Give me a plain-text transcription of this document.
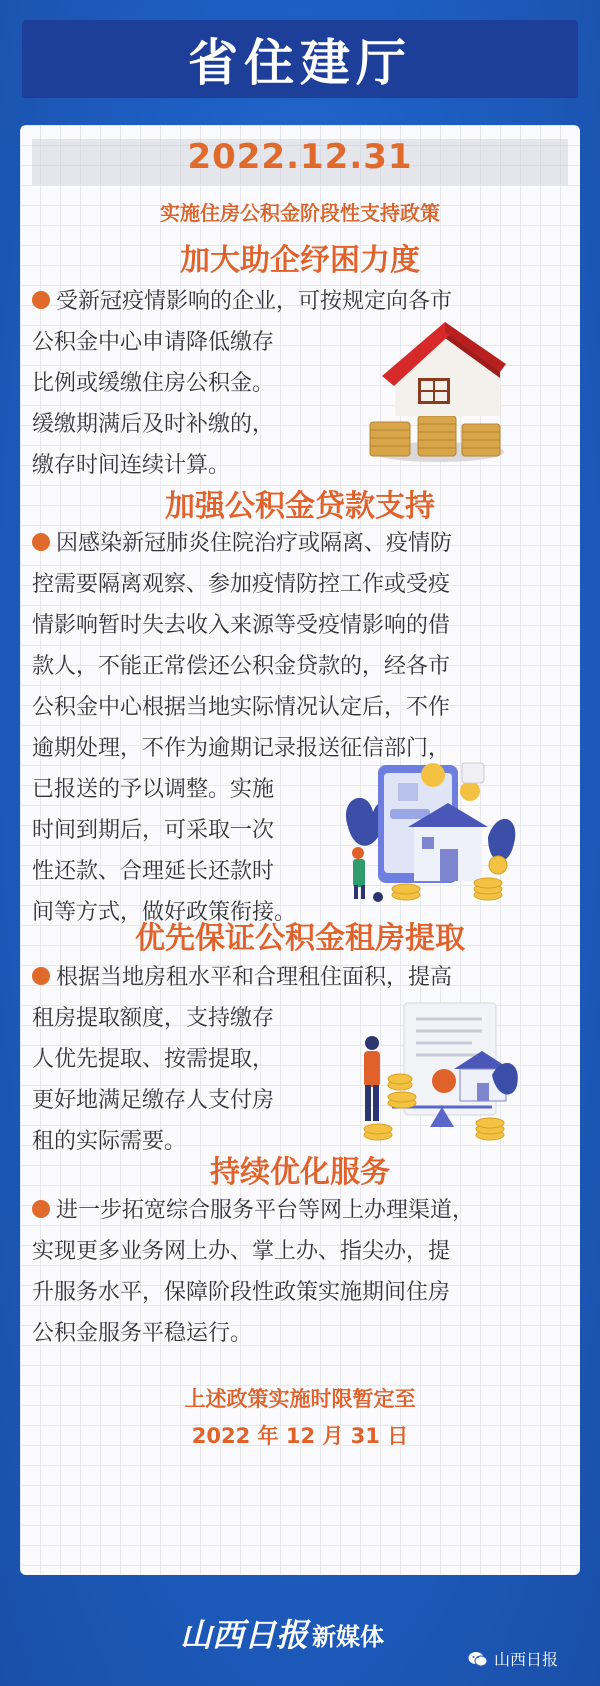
省住建厅
2022.12.31
实施住房公积金阶段性支持政策
加大助企纾困力度
受新冠疫情影响的企业，可按规定向各市
公积金中心申请降低缴存
比例或缓缴住房公积金。
缓缴期满后及时补缴的，
缴存时间连续计算。
加强公积金贷款支持
因感染新冠肺炎住院治疗或隔离、疫情防
控需要隔离观察、参加疫情防控工作或受疫
情影响暂时失去收入来源等受疫情影响的借
款人，不能正常偿还公积金贷款的，经各市
公积金中心根据当地实际情况认定后，不作
逾期处理，不作为逾期记录报送征信部门，
已报送的予以调整。实施
时间到期后，可采取一次
性还款、合理延长还款时
间等方式，做好政策衔接。
优先保证公积金租房提取
根据当地房租水平和合理租住面积，提高
租房提取额度，支持缴存
人优先提取、按需提取，
更好地满足缴存人支付房
租的实际需要。
持续优化服务
进一步拓宽综合服务平台等网上办理渠道，
实现更多业务网上办、掌上办、指尖办，提
升服务水平，保障阶段性政策实施期间住房
公积金服务平稳运行。
上述政策实施时限暂定至
2022 年 12 月 31 日
山西日报 新媒体
山西日报
